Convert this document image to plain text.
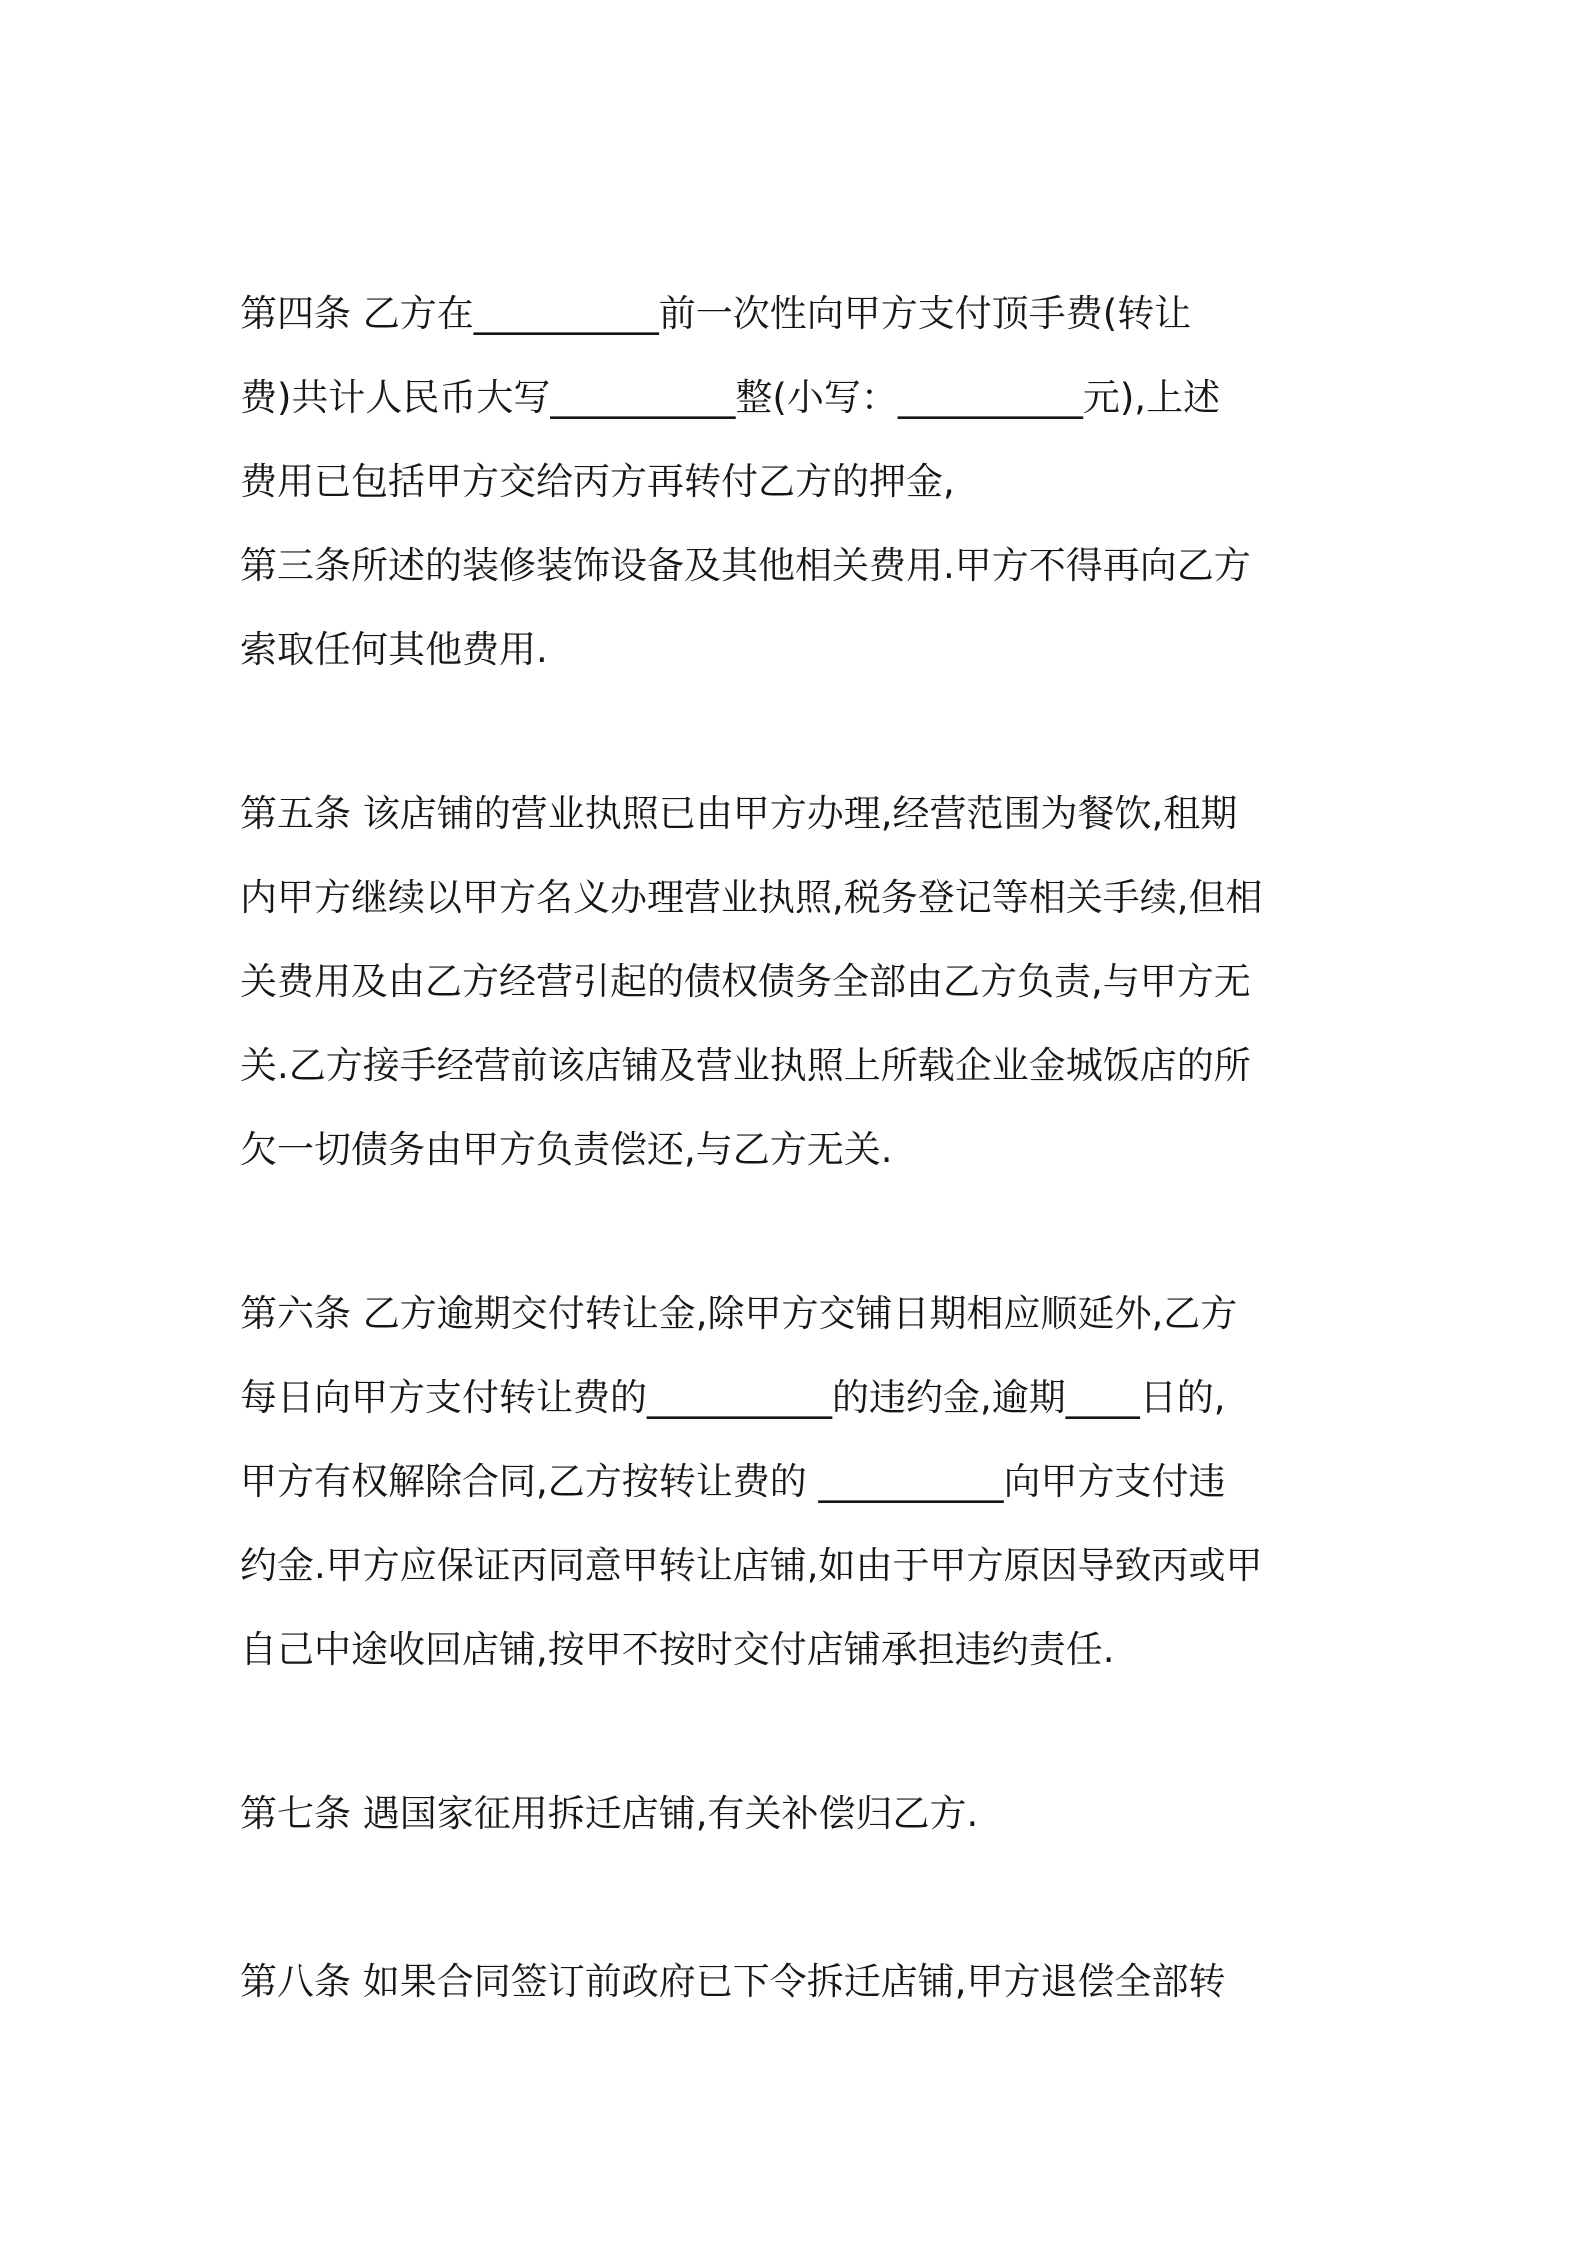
第四条 乙方在__________前一次性向甲方支付顶手费(转让
费)共计人民币大写__________整(小写：__________元),上述
费用已包括甲方交给丙方再转付乙方的押金,
第三条所述的装修装饰设备及其他相关费用.甲方不得再向乙方
索取任何其他费用.
第五条 该店铺的营业执照已由甲方办理,经营范围为餐饮,租期
内甲方继续以甲方名义办理营业执照,税务登记等相关手续,但相
关费用及由乙方经营引起的债权债务全部由乙方负责,与甲方无
关.乙方接手经营前该店铺及营业执照上所载企业金城饭店的所
欠一切债务由甲方负责偿还,与乙方无关.
第六条 乙方逾期交付转让金,除甲方交铺日期相应顺延外,乙方
每日向甲方支付转让费的__________的违约金,逾期____日的,
甲方有权解除合同,乙方按转让费的 __________向甲方支付违
约金.甲方应保证丙同意甲转让店铺,如由于甲方原因导致丙或甲
自己中途收回店铺,按甲不按时交付店铺承担违约责任.
第七条 遇国家征用拆迁店铺,有关补偿归乙方.
第八条 如果合同签订前政府已下令拆迁店铺,甲方退偿全部转
